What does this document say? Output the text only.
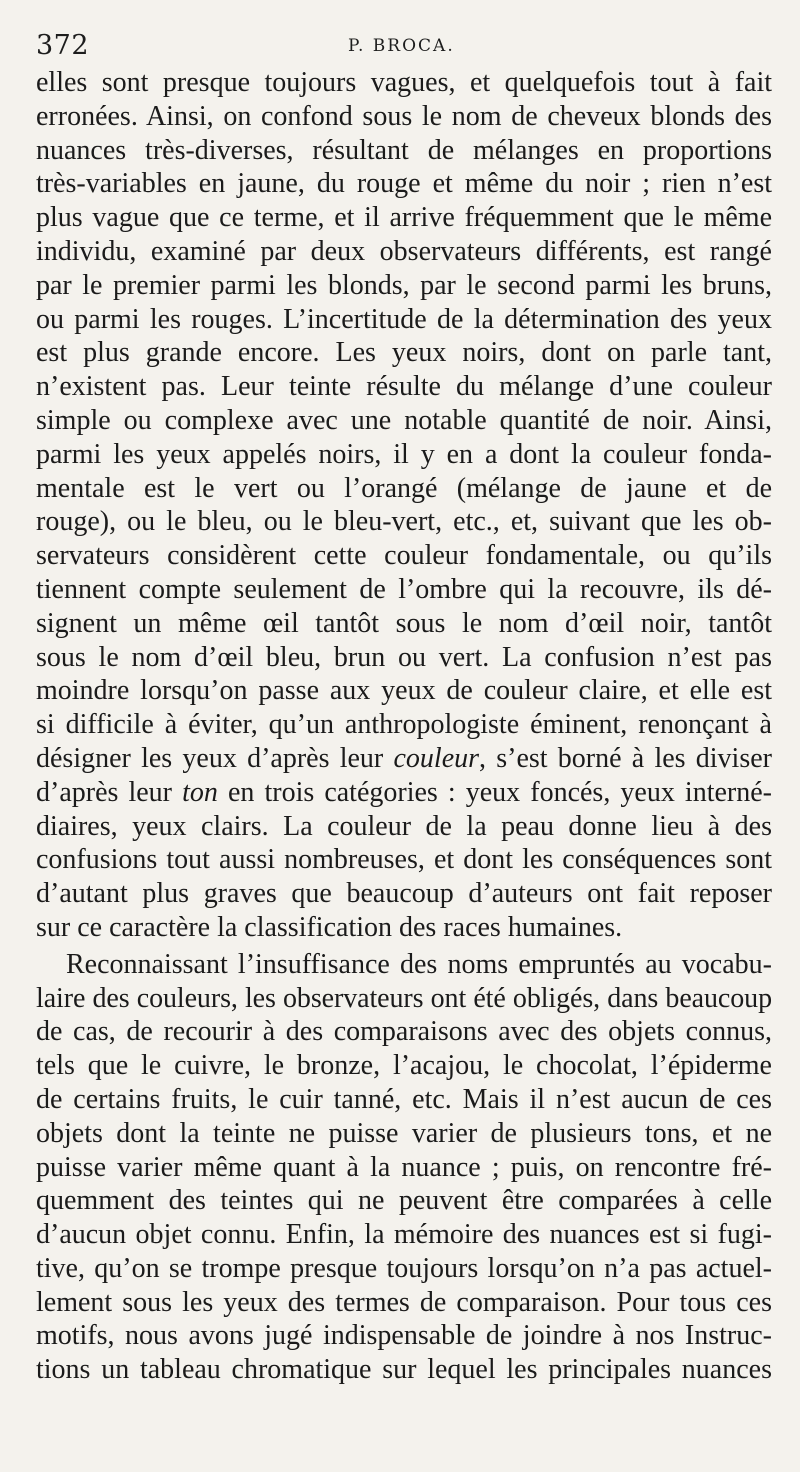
372	P. BROCA.
elles sont presque toujours vagues, et quelquefois tout à fait
erronées. Ainsi, on confond sous le nom de cheveux blonds des
nuances très-diverses, résultant de mélanges en proportions
très-variables en jaune, du rouge et même du noir ; rien n’est
plus vague que ce terme, et il arrive fréquemment que le même
individu, examiné par deux observateurs différents, est rangé
par le premier parmi les blonds, par le second parmi les bruns,
ou parmi les rouges. L’incertitude de la détermination des yeux
est plus grande encore. Les yeux noirs, dont on parle tant,
n’existent pas. Leur teinte résulte du mélange d’une couleur
simple ou complexe avec une notable quantité de noir. Ainsi,
parmi les yeux appelés noirs, il y en a dont la couleur fonda-
mentale est le vert ou l’orangé (mélange de jaune et de
rouge), ou le bleu, ou le bleu-vert, etc., et, suivant que les ob-
servateurs considèrent cette couleur fondamentale, ou qu’ils
tiennent compte seulement de l’ombre qui la recouvre, ils dé-
signent un même œil tantôt sous le nom d’œil noir, tantôt
sous le nom d’œil bleu, brun ou vert. La confusion n’est pas
moindre lorsqu’on passe aux yeux de couleur claire, et elle est
si difficile à éviter, qu’un anthropologiste éminent, renonçant à
désigner les yeux d’après leur couleur, s’est borné à les diviser
d’après leur ton en trois catégories : yeux foncés, yeux interné-
diaires, yeux clairs. La couleur de la peau donne lieu à des
confusions tout aussi nombreuses, et dont les conséquences sont
d’autant plus graves que beaucoup d’auteurs ont fait reposer
sur ce caractère la classification des races humaines.
Reconnaissant l’insuffisance des noms empruntés au vocabu-
laire des couleurs, les observateurs ont été obligés, dans beaucoup
de cas, de recourir à des comparaisons avec des objets connus,
tels que le cuivre, le bronze, l’acajou, le chocolat, l’épiderme
de certains fruits, le cuir tanné, etc. Mais il n’est aucun de ces
objets dont la teinte ne puisse varier de plusieurs tons, et ne
puisse varier même quant à la nuance ; puis, on rencontre fré-
quemment des teintes qui ne peuvent être comparées à celle
d’aucun objet connu. Enfin, la mémoire des nuances est si fugi-
tive, qu’on se trompe presque toujours lorsqu’on n’a pas actuel-
lement sous les yeux des termes de comparaison. Pour tous ces
motifs, nous avons jugé indispensable de joindre à nos Instruc-
tions un tableau chromatique sur lequel les principales nuances
